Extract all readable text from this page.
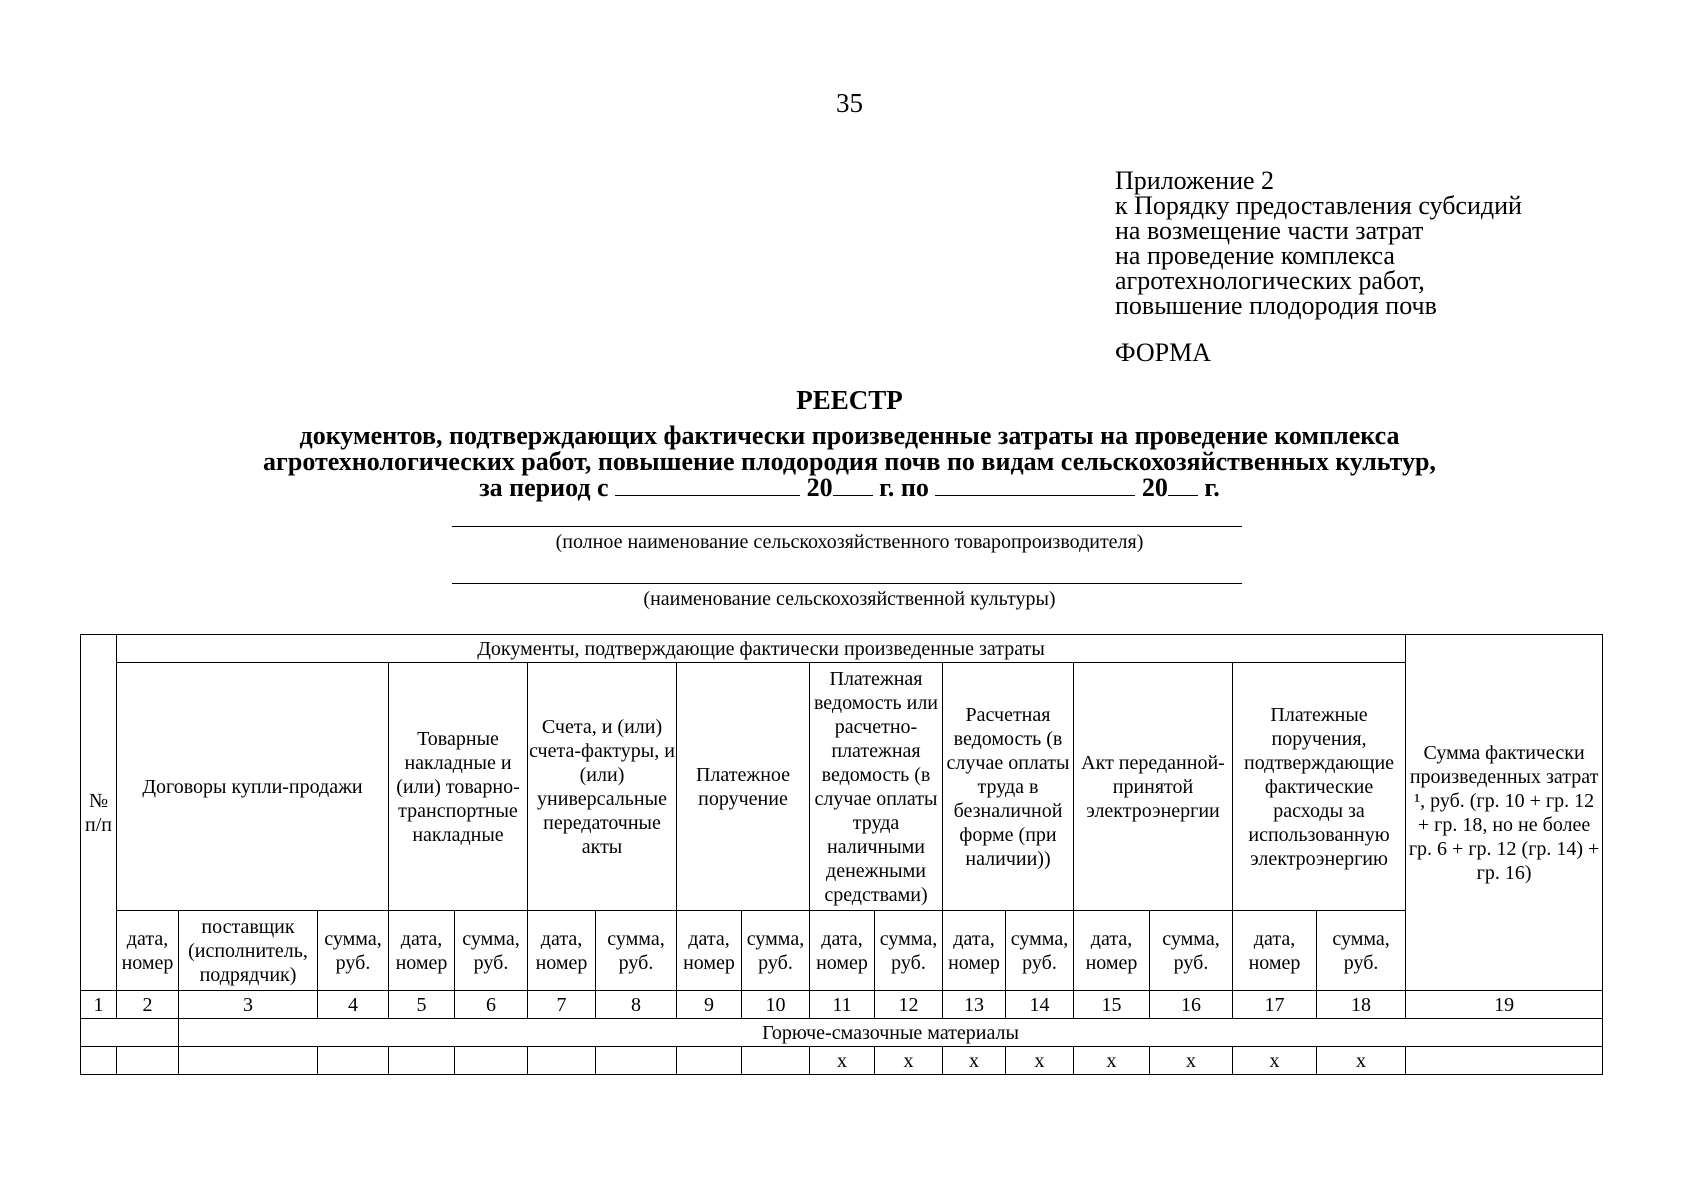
35
Приложение 2
к Порядку предоставления субсидий
на возмещение части затрат
на проведение комплекса
агротехнологических работ,
повышение плодородия почв
ФОРМА
РЕЕСТР
документов, подтверждающих фактически произведенные затраты на проведение комплекса
агротехнологических работ, повышение плодородия почв по видам сельскохозяйственных культур,
за период с	20 г. по	20 г.
(полное наименование сельскохозяйственного товаропроизводителя)
(наименование сельскохозяйственной культуры)
№ п/п	Документы, подтверждающие фактически произведенные затраты																	Сумма фактически произведенных затрат ¹, руб. (гр. 10 + гр. 12 + гр. 18, но не более гр. 6 + гр. 12 (гр. 14) + гр. 16)
	Договоры купли-продажи			Товарные накладные и (или) товарно-транспортные накладные		Счета, и (или) счета-фактуры, и (или) универсальные передаточные акты		Платежное поручение		Платежная ведомость или расчетно-платежная ведомость (в случае оплаты труда наличными денежными средствами)		Расчетная ведомость (в случае оплаты труда в безналичной форме (при наличии))		Акт переданной-принятой электроэнергии		Платежные поручения, подтверждающие фактические расходы за использованную электроэнергию		
	дата, номер	поставщик (исполнитель, подрядчик)	сумма, руб.	дата, номер	сумма, руб.	дата, номер	сумма, руб.	дата, номер	сумма, руб.	дата, номер	сумма, руб.	дата, номер	сумма, руб.	дата, номер	сумма, руб.	дата, номер	сумма, руб.	
1	2	3	4	5	6	7	8	9	10	11	12	13	14	15	16	17	18	19
		Горюче-смазочные материалы																
										х	х	х	х	х	х	х	х	
